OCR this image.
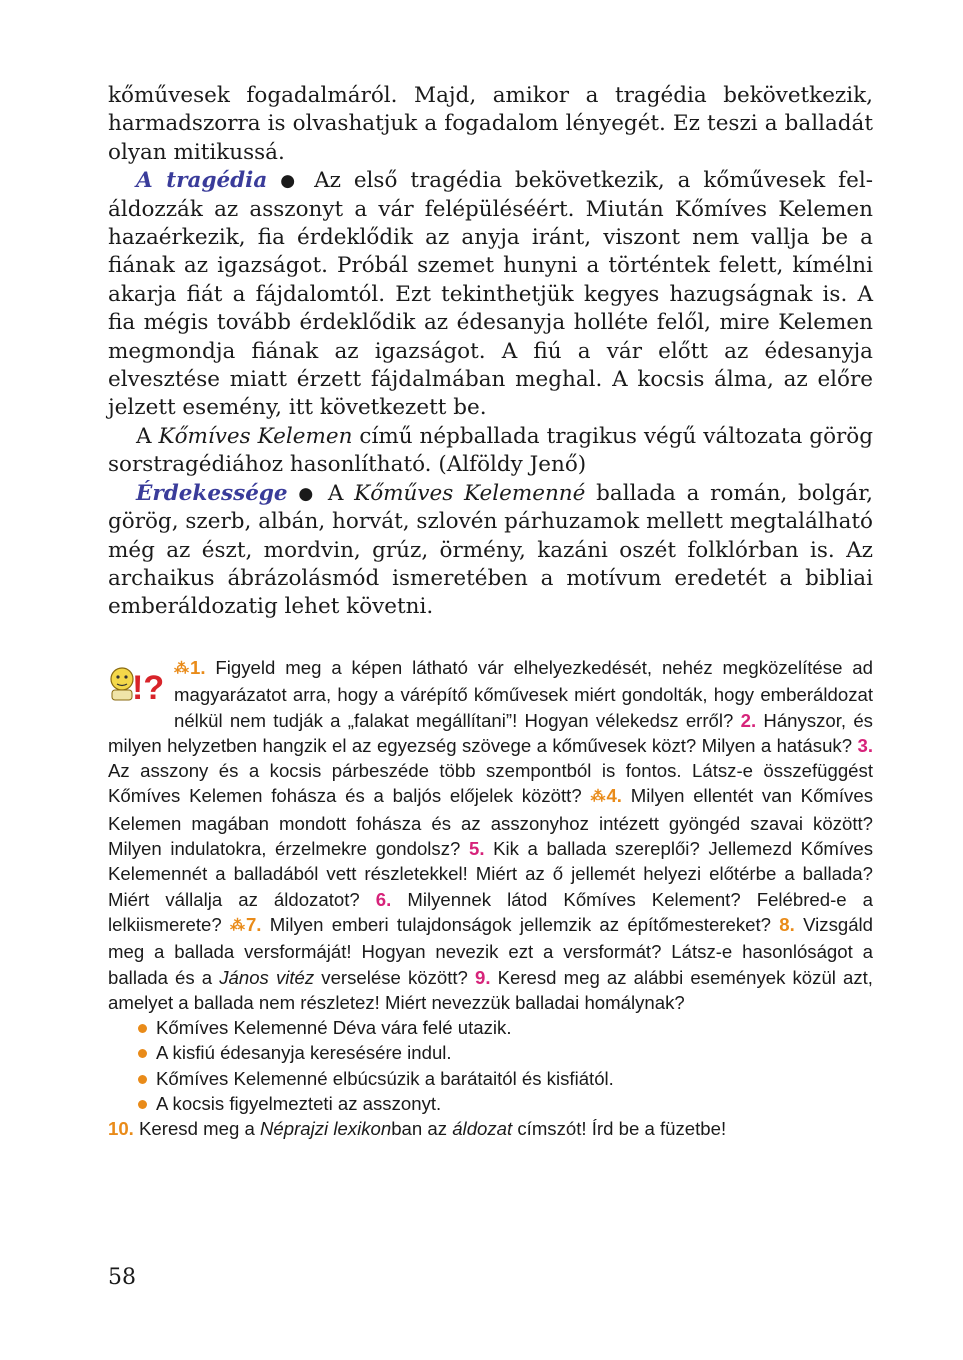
kőművesek fogadalmáról. Majd, amikor a tragédia bekövetkezik, harmadszorra is olvashatjuk a fogadalom lényegét. Ez teszi a balladát olyan mitikussá.

A tragédia ● Az első tragédia bekövetkezik, a kőművesek feláldozzák az asszonyt a vár felépüléséért. Miután Kőmíves Kelemen hazaérkezik, fia érdeklődik az anyja iránt, viszont nem vallja be a fiának az igazságot. Próbál szemet hunyni a történtek felett, kímélni akarja fiát a fájdalomtól. Ezt tekinthetjük kegyes hazugságnak is. A fia mégis tovább érdeklődik az édesanyja holléte felől, mire Kelemen megmondja fiának az igazságot. A fiú a vár előtt az édesanyja elvesztése miatt érzett fájdalmában meghal. A kocsis álma, az előre jelzett esemény, itt következett be.

A Kőmíves Kelemen című népballada tragikus végű változata görög sorstragédiához hasonlítható. (Alföldy Jenő)

Érdekessége ● A Kőműves Kelemenné ballada a román, bolgár, görög, szerb, albán, horvát, szlovén párhuzamok mellett megtalálható még az észt, mordvin, grúz, örmény, kazáni oszét folklórban is. Az archaikus ábrázolásmód ismeretében a motívum eredetét a bibliai emberáldozatig lehet követni.

!?

⁂ 1. Figyeld meg a képen látható vár elhelyezkedését, nehéz megközelítése ad magyarázatot arra, hogy a várépítő kőművesek miért gondolták, hogy emberáldozat nélkül nem tudják a „falakat megállítani”! Hogyan vélekedsz erről? 2. Hányszor, és milyen helyzetben hangzik el az egyezség szövege a kőművesek közt? Milyen a hatásuk? 3. Az asszony és a kocsis párbeszéde több szempontból is fontos. Látsz-e összefüggést Kőmíves Kelemen fohásza és a baljós előjelek között? ⁂ 4. Milyen ellentét van Kőmíves Kelemen magában mondott fohásza és az asszonyhoz intézett gyöngéd szavai között? Milyen indulatokra, érzelmekre gondolsz? 5. Kik a ballada szereplői? Jellemezd Kőmíves Kelemennét a balladából vett részletekkel! Miért az ő jellemét helyezi előtérbe a ballada? Miért vállalja az áldozatot? 6. Milyennek látod Kőmíves Kelement? Felébred-e a lelkiismerete? ⁂ 7. Milyen emberi tulajdonságok jellemzik az építőmestereket? 8. Vizsgáld meg a ballada versformáját! Hogyan nevezik ezt a versformát? Látsz-e hasonlóságot a ballada és a János vitéz verselése között? 9. Keresd meg az alábbi események közül azt, amelyet a ballada nem részletez! Miért nevezzük balladai homálynak?

Kőmíves Kelemenné Déva vára felé utazik.
A kisfiú édesanyja keresésére indul.
Kőmíves Kelemenné elbúcsúzik a barátaitól és kisfiától.
A kocsis figyelmezteti az asszonyt.

10. Keresd meg a Néprajzi lexikonban az áldozat címszót! Írd be a füzetbe!

58
